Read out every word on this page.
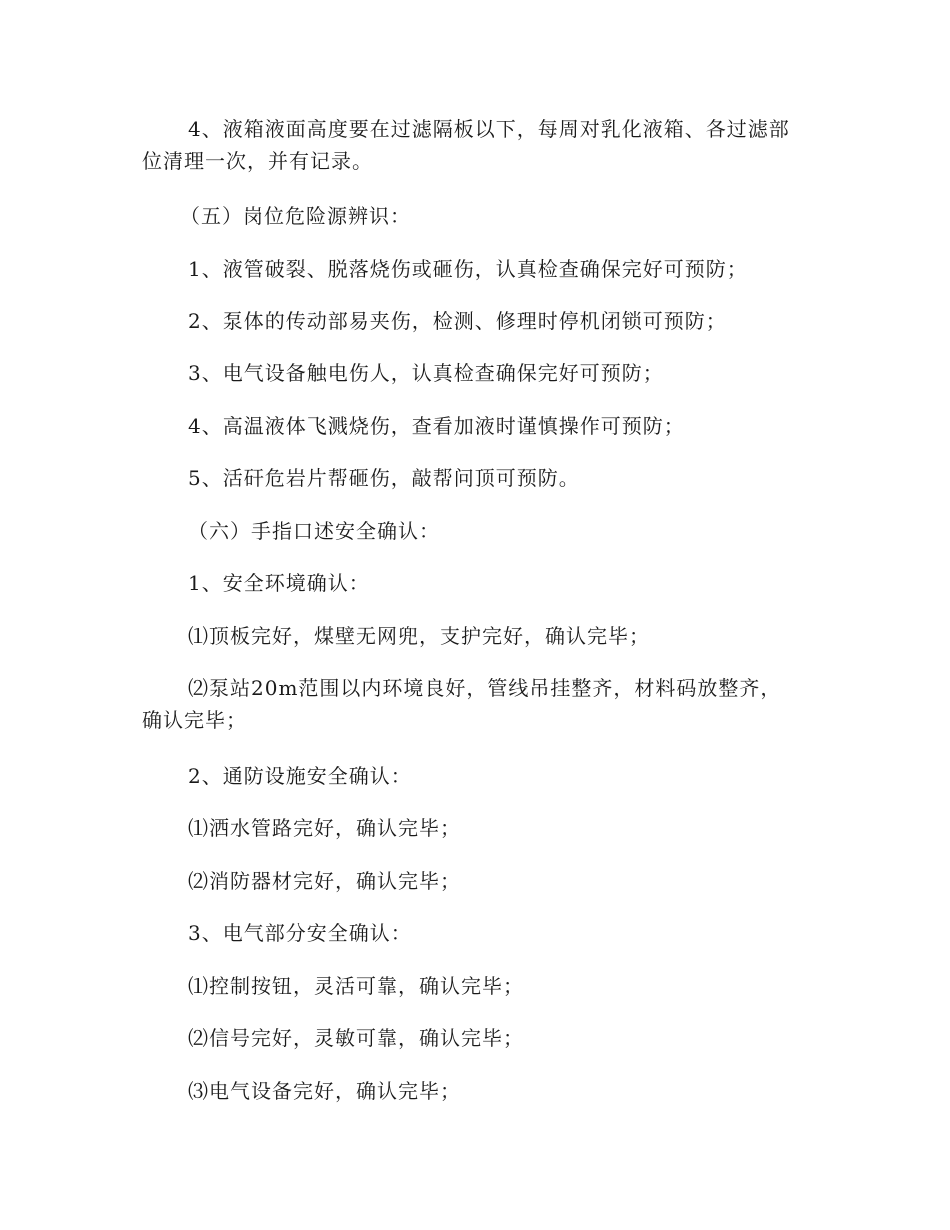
4、液箱液面高度要在过滤隔板以下，每周对乳化液箱、各过滤部
位清理一次，并有记录。
（五）岗位危险源辨识：
1、液管破裂、脱落烧伤或砸伤，认真检查确保完好可预防；
2、泵体的传动部易夹伤，检测、修理时停机闭锁可预防；
3、电气设备触电伤人，认真检查确保完好可预防；
4、高温液体飞溅烧伤，查看加液时谨慎操作可预防；
5、活矸危岩片帮砸伤，敲帮问顶可预防。
（六）手指口述安全确认：
1、安全环境确认：
⑴顶板完好，煤壁无网兜，支护完好，确认完毕；
⑵泵站20m范围以内环境良好，管线吊挂整齐，材料码放整齐，
确认完毕；
2、通防设施安全确认：
⑴洒水管路完好，确认完毕；
⑵消防器材完好，确认完毕；
3、电气部分安全确认：
⑴控制按钮，灵活可靠，确认完毕；
⑵信号完好，灵敏可靠，确认完毕；
⑶电气设备完好，确认完毕；
